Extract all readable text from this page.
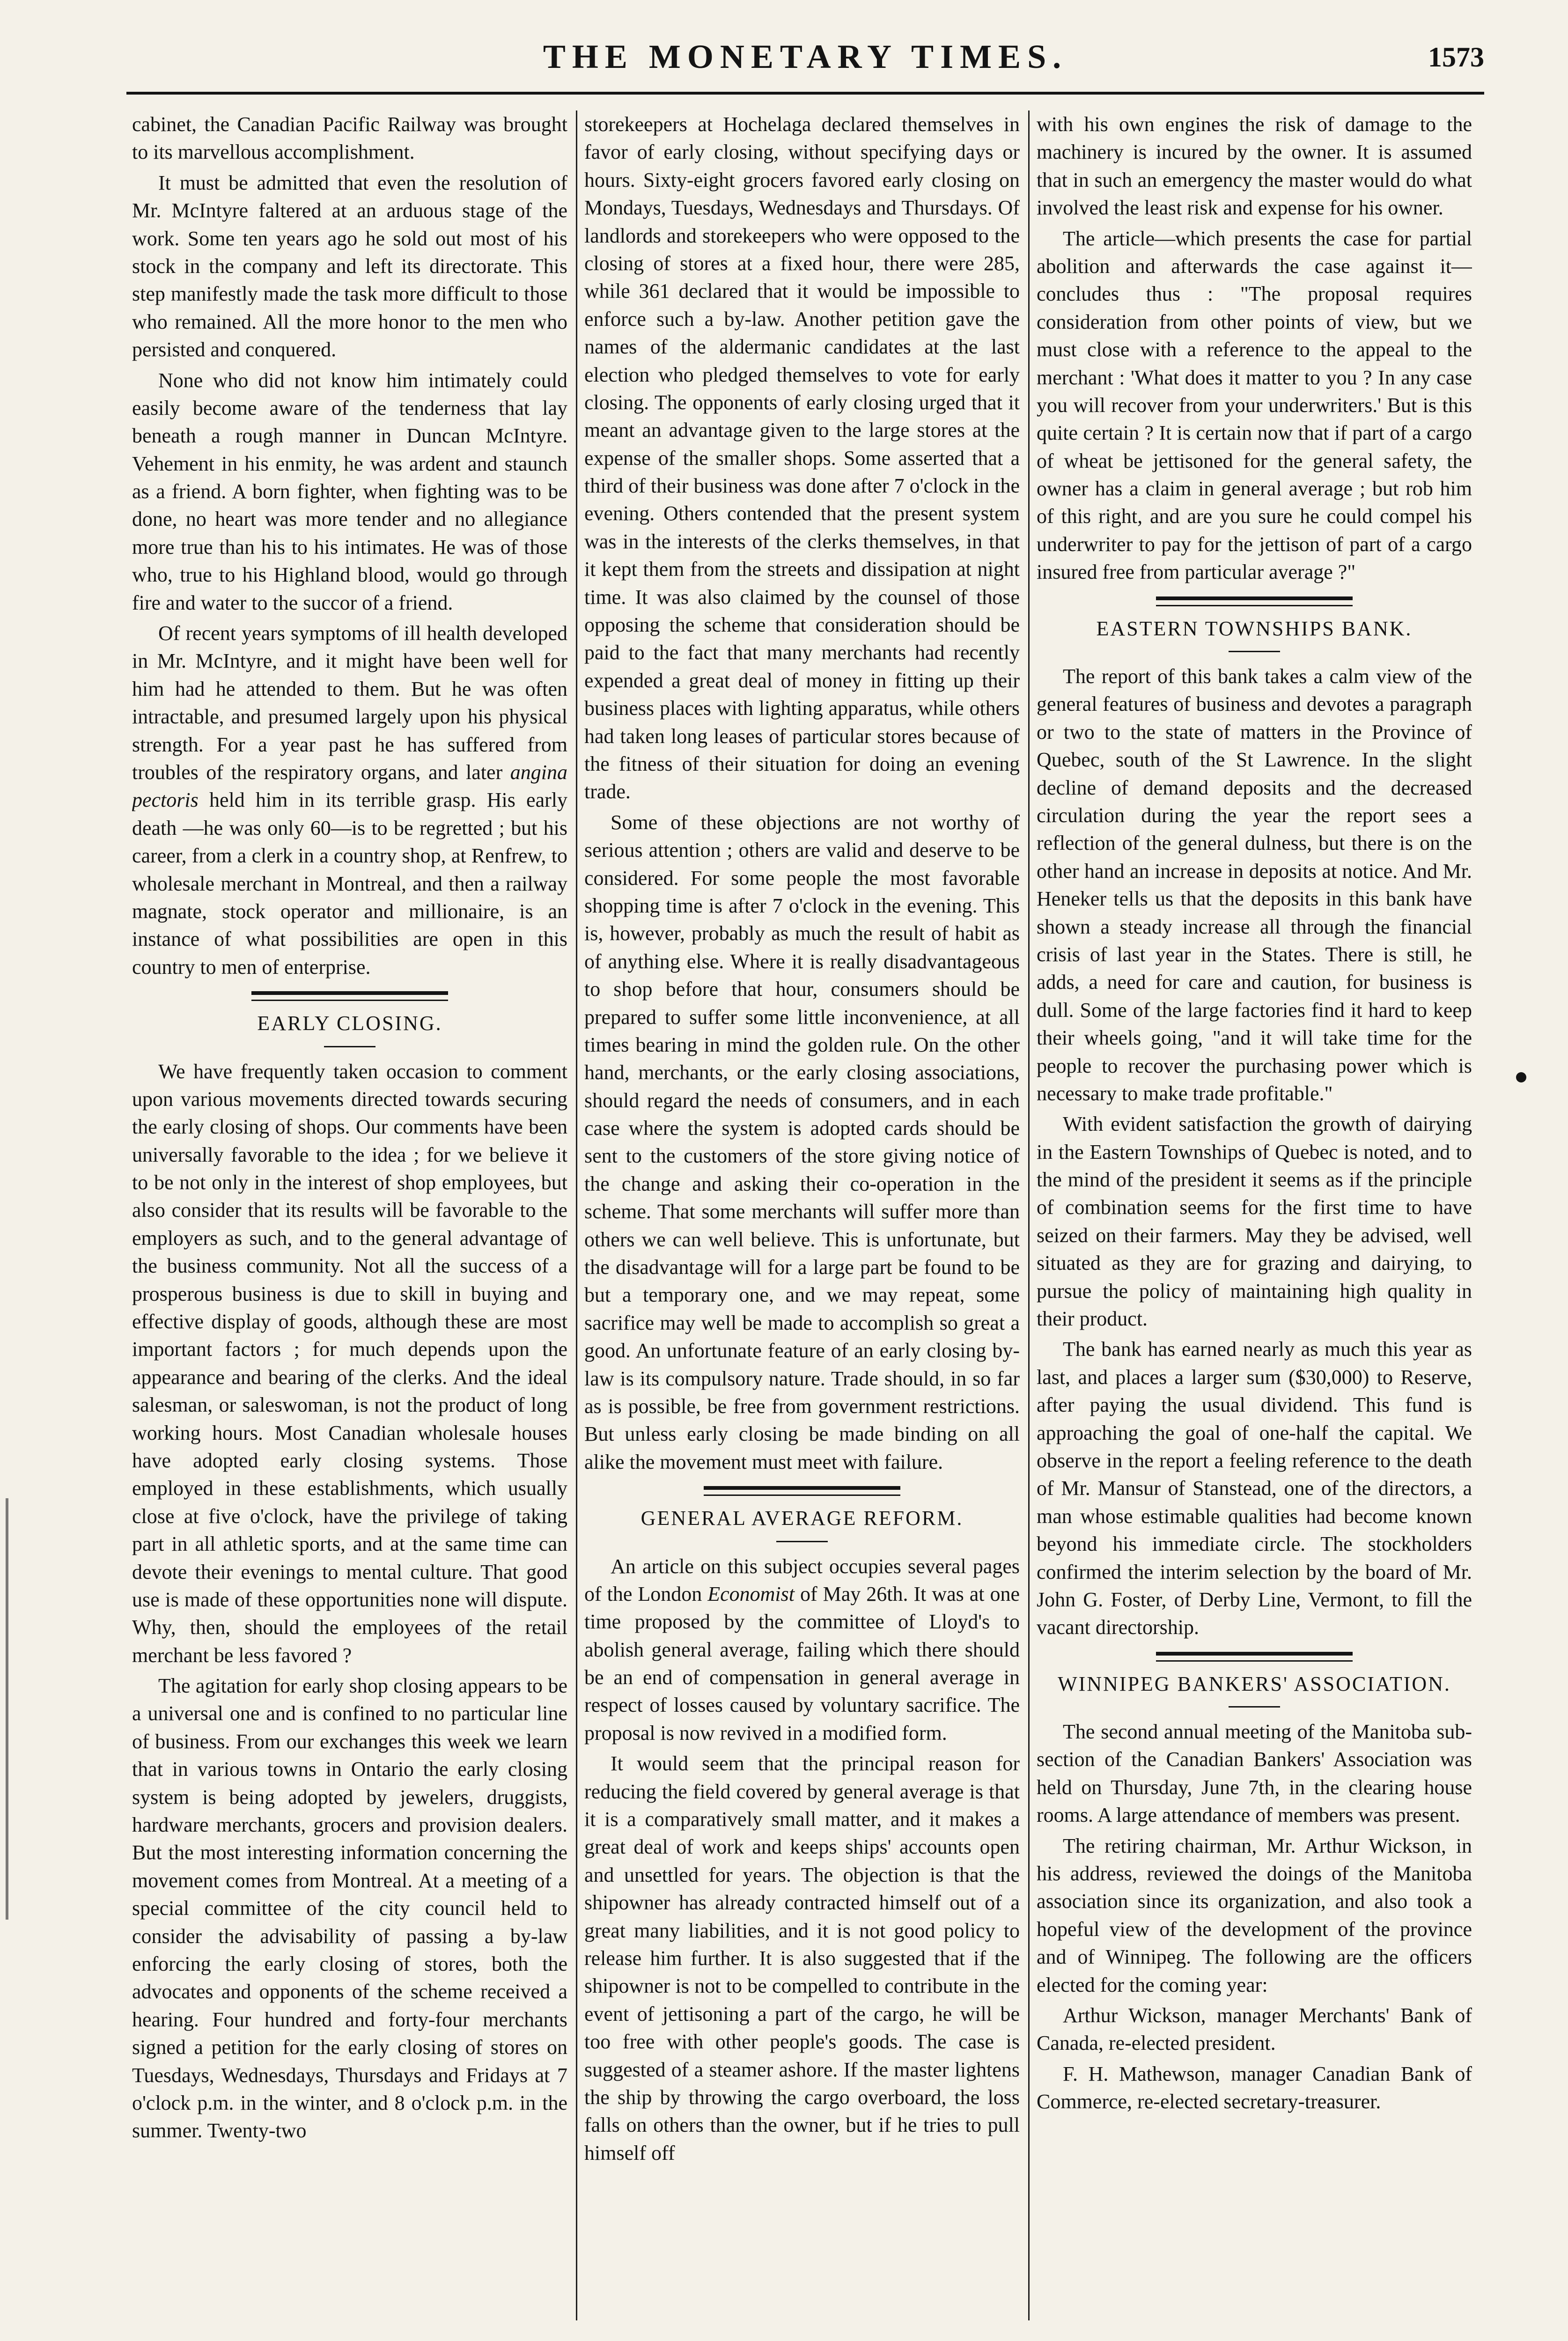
THE MONETARY TIMES.	1573

cabinet, the Canadian Pacific Railway was brought to its marvellous accomplishment.

It must be admitted that even the resolution of Mr. McIntyre faltered at an arduous stage of the work. Some ten years ago he sold out most of his stock in the company and left its directorate. This step manifestly made the task more difficult to those who remained. All the more honor to the men who persisted and conquered.

None who did not know him intimately could easily become aware of the tenderness that lay beneath a rough manner in Duncan McIntyre. Vehement in his enmity, he was ardent and staunch as a friend. A born fighter, when fighting was to be done, no heart was more tender and no allegiance more true than his to his intimates. He was of those who, true to his Highland blood, would go through fire and water to the succor of a friend.

Of recent years symptoms of ill health developed in Mr. McIntyre, and it might have been well for him had he attended to them. But he was often intractable, and presumed largely upon his physical strength. For a year past he has suffered from troubles of the respiratory organs, and later angina pectoris held him in its terrible grasp. His early death —he was only 60—is to be regretted ; but his career, from a clerk in a country shop, at Renfrew, to wholesale merchant in Montreal, and then a railway magnate, stock operator and millionaire, is an instance of what possibilities are open in this country to men of enterprise.

EARLY CLOSING.

We have frequently taken occasion to comment upon various movements directed towards securing the early closing of shops. Our comments have been universally favorable to the idea ; for we believe it to be not only in the interest of shop employees, but also consider that its results will be favorable to the employers as such, and to the general advantage of the business community. Not all the success of a prosperous business is due to skill in buying and effective display of goods, although these are most important factors ; for much depends upon the appearance and bearing of the clerks. And the ideal salesman, or saleswoman, is not the product of long working hours. Most Canadian wholesale houses have adopted early closing systems. Those employed in these establishments, which usually close at five o'clock, have the privilege of taking part in all athletic sports, and at the same time can devote their evenings to mental culture. That good use is made of these opportunities none will dispute. Why, then, should the employees of the retail merchant be less favored ?

The agitation for early shop closing appears to be a universal one and is confined to no particular line of business. From our exchanges this week we learn that in various towns in Ontario the early closing system is being adopted by jewelers, druggists, hardware merchants, grocers and provision dealers. But the most interesting information concerning the movement comes from Montreal. At a meeting of a special committee of the city council held to consider the advisability of passing a by-law enforcing the early closing of stores, both the advocates and opponents of the scheme received a hearing. Four hundred and forty-four merchants signed a petition for the early closing of stores on Tuesdays, Wednesdays, Thursdays and Fridays at 7 o'clock p.m. in the winter, and 8 o'clock p.m. in the summer. Twenty-two

storekeepers at Hochelaga declared themselves in favor of early closing, without specifying days or hours. Sixty-eight grocers favored early closing on Mondays, Tuesdays, Wednesdays and Thursdays. Of landlords and storekeepers who were opposed to the closing of stores at a fixed hour, there were 285, while 361 declared that it would be impossible to enforce such a by-law. Another petition gave the names of the aldermanic candidates at the last election who pledged themselves to vote for early closing. The opponents of early closing urged that it meant an advantage given to the large stores at the expense of the smaller shops. Some asserted that a third of their business was done after 7 o'clock in the evening. Others contended that the present system was in the interests of the clerks themselves, in that it kept them from the streets and dissipation at night time. It was also claimed by the counsel of those opposing the scheme that consideration should be paid to the fact that many merchants had recently expended a great deal of money in fitting up their business places with lighting apparatus, while others had taken long leases of particular stores because of the fitness of their situation for doing an evening trade.

Some of these objections are not worthy of serious attention ; others are valid and deserve to be considered. For some people the most favorable shopping time is after 7 o'clock in the evening. This is, however, probably as much the result of habit as of anything else. Where it is really disadvantageous to shop before that hour, consumers should be prepared to suffer some little inconvenience, at all times bearing in mind the golden rule. On the other hand, merchants, or the early closing associations, should regard the needs of consumers, and in each case where the system is adopted cards should be sent to the customers of the store giving notice of the change and asking their co-operation in the scheme. That some merchants will suffer more than others we can well believe. This is unfortunate, but the disadvantage will for a large part be found to be but a temporary one, and we may repeat, some sacrifice may well be made to accomplish so great a good. An unfortunate feature of an early closing by-law is its compulsory nature. Trade should, in so far as is possible, be free from government restrictions. But unless early closing be made binding on all alike the movement must meet with failure.

GENERAL AVERAGE REFORM.

An article on this subject occupies several pages of the London Economist of May 26th. It was at one time proposed by the committee of Lloyd's to abolish general average, failing which there should be an end of compensation in general average in respect of losses caused by voluntary sacrifice. The proposal is now revived in a modified form.

It would seem that the principal reason for reducing the field covered by general average is that it is a comparatively small matter, and it makes a great deal of work and keeps ships' accounts open and unsettled for years. The objection is that the shipowner has already contracted himself out of a great many liabilities, and it is not good policy to release him further. It is also suggested that if the shipowner is not to be compelled to contribute in the event of jettisoning a part of the cargo, he will be too free with other people's goods. The case is suggested of a steamer ashore. If the master lightens the ship by throwing the cargo overboard, the loss falls on others than the owner, but if he tries to pull himself off

with his own engines the risk of damage to the machinery is incured by the owner. It is assumed that in such an emergency the master would do what involved the least risk and expense for his owner.

The article—which presents the case for partial abolition and afterwards the case against it—concludes thus : "The proposal requires consideration from other points of view, but we must close with a reference to the appeal to the merchant : 'What does it matter to you ? In any case you will recover from your underwriters.' But is this quite certain ? It is certain now that if part of a cargo of wheat be jettisoned for the general safety, the owner has a claim in general average ; but rob him of this right, and are you sure he could compel his underwriter to pay for the jettison of part of a cargo insured free from particular average ?"

EASTERN TOWNSHIPS BANK.

The report of this bank takes a calm view of the general features of business and devotes a paragraph or two to the state of matters in the Province of Quebec, south of the St Lawrence. In the slight decline of demand deposits and the decreased circulation during the year the report sees a reflection of the general dulness, but there is on the other hand an increase in deposits at notice. And Mr. Heneker tells us that the deposits in this bank have shown a steady increase all through the financial crisis of last year in the States. There is still, he adds, a need for care and caution, for business is dull. Some of the large factories find it hard to keep their wheels going, "and it will take time for the people to recover the purchasing power which is necessary to make trade profitable."

With evident satisfaction the growth of dairying in the Eastern Townships of Quebec is noted, and to the mind of the president it seems as if the principle of combination seems for the first time to have seized on their farmers. May they be advised, well situated as they are for grazing and dairying, to pursue the policy of maintaining high quality in their product.

The bank has earned nearly as much this year as last, and places a larger sum ($30,000) to Reserve, after paying the usual dividend. This fund is approaching the goal of one-half the capital. We observe in the report a feeling reference to the death of Mr. Mansur of Stanstead, one of the directors, a man whose estimable qualities had become known beyond his immediate circle. The stockholders confirmed the interim selection by the board of Mr. John G. Foster, of Derby Line, Vermont, to fill the vacant directorship.

WINNIPEG BANKERS' ASSOCIATION.

The second annual meeting of the Manitoba sub-section of the Canadian Bankers' Association was held on Thursday, June 7th, in the clearing house rooms. A large attendance of members was present.

The retiring chairman, Mr. Arthur Wickson, in his address, reviewed the doings of the Manitoba association since its organization, and also took a hopeful view of the development of the province and of Winnipeg. The following are the officers elected for the coming year:

Arthur Wickson, manager Merchants' Bank of Canada, re-elected president.

F. H. Mathewson, manager Canadian Bank of Commerce, re-elected secretary-treasurer.
